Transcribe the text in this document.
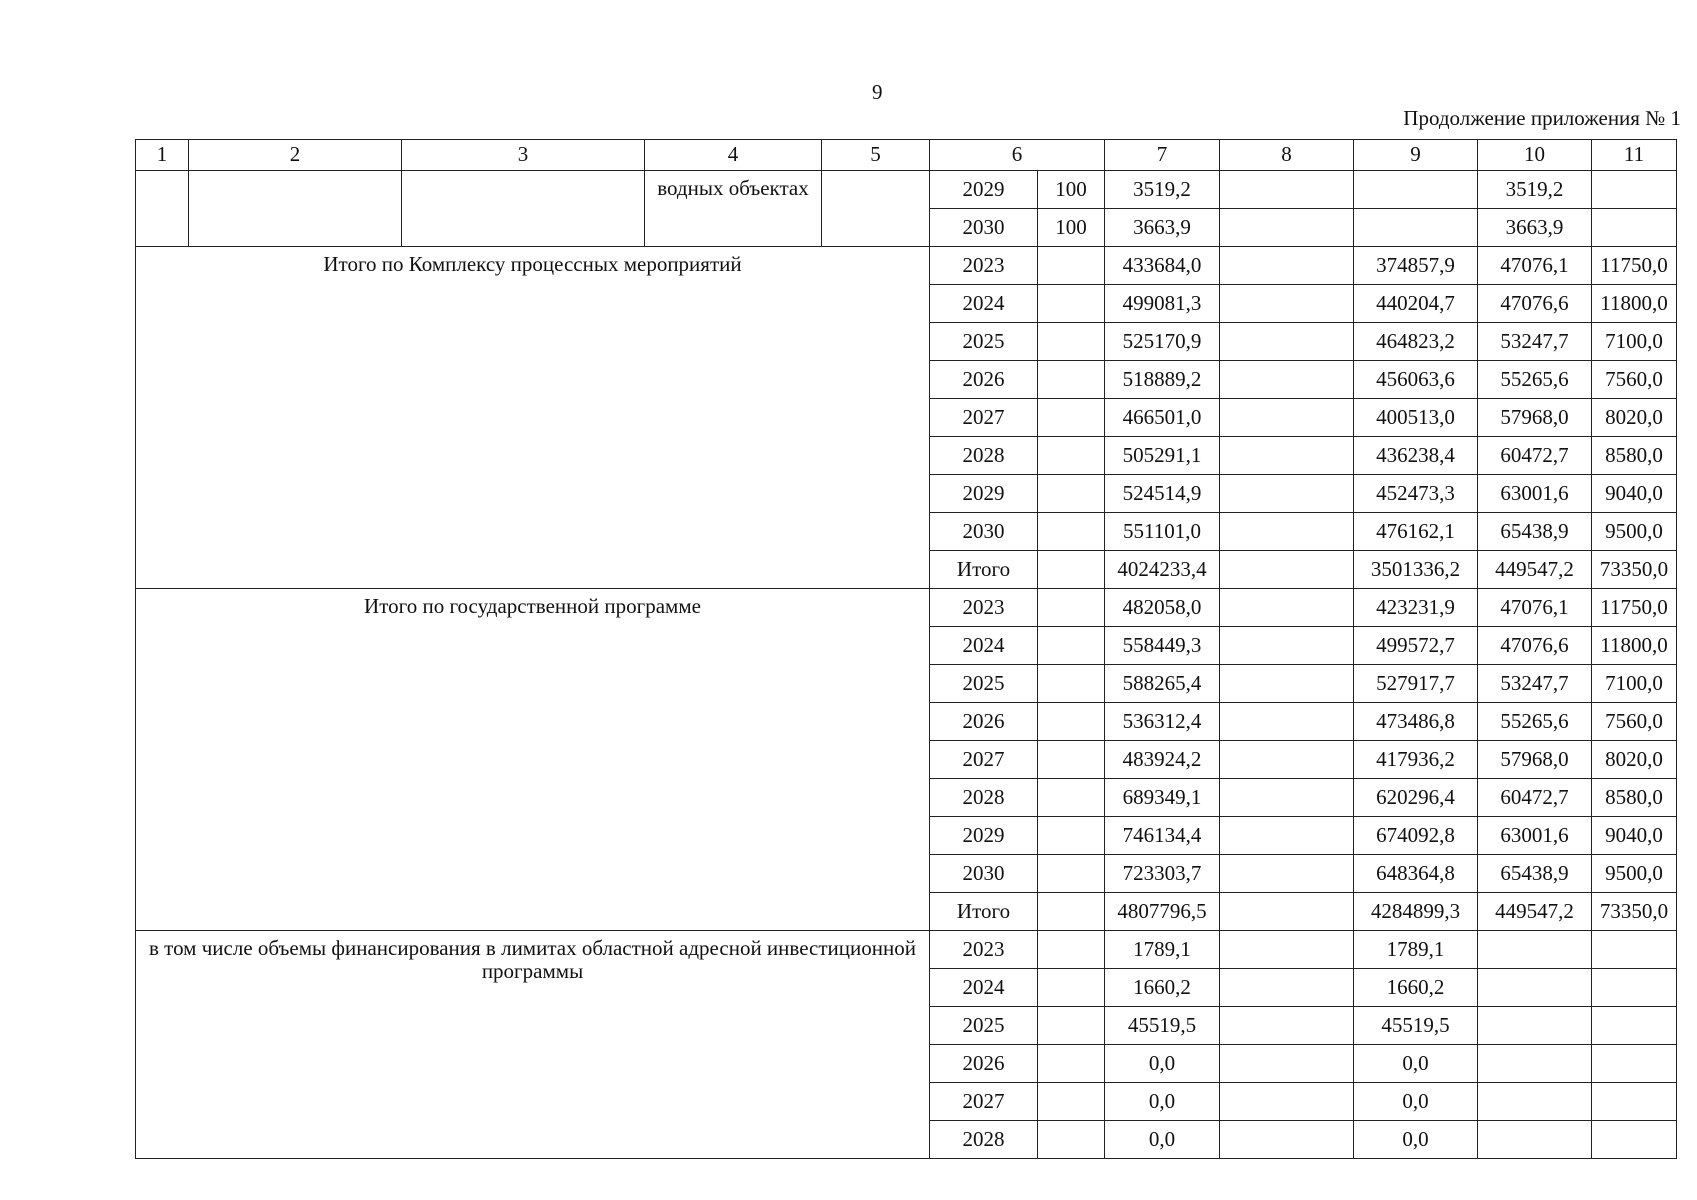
9
Продолжение приложения № 1
1	2	3	4	5	6		7	8	9	10	11
			водных объектах		2029	100	3519,2			3519,2	
					2030	100	3663,9			3663,9	
Итого по Комплексу процессных мероприятий					2023		433684,0		374857,9	47076,1	11750,0
					2024		499081,3		440204,7	47076,6	11800,0
					2025		525170,9		464823,2	53247,7	7100,0
					2026		518889,2		456063,6	55265,6	7560,0
					2027		466501,0		400513,0	57968,0	8020,0
					2028		505291,1		436238,4	60472,7	8580,0
					2029		524514,9		452473,3	63001,6	9040,0
					2030		551101,0		476162,1	65438,9	9500,0
					Итого		4024233,4		3501336,2	449547,2	73350,0
Итого по государственной программе					2023		482058,0		423231,9	47076,1	11750,0
					2024		558449,3		499572,7	47076,6	11800,0
					2025		588265,4		527917,7	53247,7	7100,0
					2026		536312,4		473486,8	55265,6	7560,0
					2027		483924,2		417936,2	57968,0	8020,0
					2028		689349,1		620296,4	60472,7	8580,0
					2029		746134,4		674092,8	63001,6	9040,0
					2030		723303,7		648364,8	65438,9	9500,0
					Итого		4807796,5		4284899,3	449547,2	73350,0
в том числе объемы финансирования в лимитах областной адресной инвестиционной программы					2023		1789,1		1789,1		
					2024		1660,2		1660,2		
					2025		45519,5		45519,5		
					2026		0,0		0,0		
					2027		0,0		0,0		
					2028		0,0		0,0		
